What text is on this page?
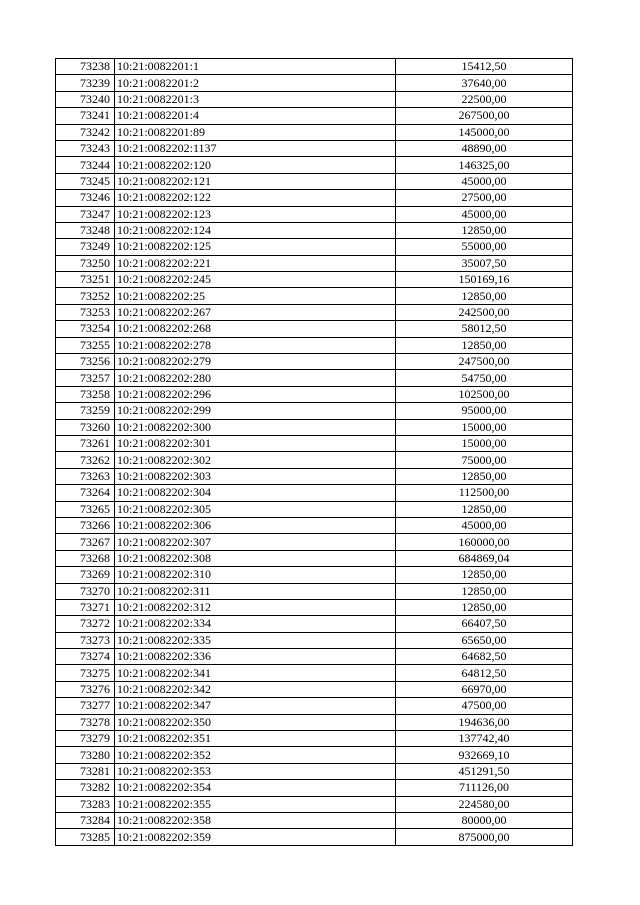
73238	10:21:0082201:1	15412,50
73239	10:21:0082201:2	37640,00
73240	10:21:0082201:3	22500,00
73241	10:21:0082201:4	267500,00
73242	10:21:0082201:89	145000,00
73243	10:21:0082202:1137	48890,00
73244	10:21:0082202:120	146325,00
73245	10:21:0082202:121	45000,00
73246	10:21:0082202:122	27500,00
73247	10:21:0082202:123	45000,00
73248	10:21:0082202:124	12850,00
73249	10:21:0082202:125	55000,00
73250	10:21:0082202:221	35007,50
73251	10:21:0082202:245	150169,16
73252	10:21:0082202:25	12850,00
73253	10:21:0082202:267	242500,00
73254	10:21:0082202:268	58012,50
73255	10:21:0082202:278	12850,00
73256	10:21:0082202:279	247500,00
73257	10:21:0082202:280	54750,00
73258	10:21:0082202:296	102500,00
73259	10:21:0082202:299	95000,00
73260	10:21:0082202:300	15000,00
73261	10:21:0082202:301	15000,00
73262	10:21:0082202:302	75000,00
73263	10:21:0082202:303	12850,00
73264	10:21:0082202:304	112500,00
73265	10:21:0082202:305	12850,00
73266	10:21:0082202:306	45000,00
73267	10:21:0082202:307	160000,00
73268	10:21:0082202:308	684869,04
73269	10:21:0082202:310	12850,00
73270	10:21:0082202:311	12850,00
73271	10:21:0082202:312	12850,00
73272	10:21:0082202:334	66407,50
73273	10:21:0082202:335	65650,00
73274	10:21:0082202:336	64682,50
73275	10:21:0082202:341	64812,50
73276	10:21:0082202:342	66970,00
73277	10:21:0082202:347	47500,00
73278	10:21:0082202:350	194636,00
73279	10:21:0082202:351	137742,40
73280	10:21:0082202:352	932669,10
73281	10:21:0082202:353	451291,50
73282	10:21:0082202:354	711126,00
73283	10:21:0082202:355	224580,00
73284	10:21:0082202:358	80000,00
73285	10:21:0082202:359	875000,00
